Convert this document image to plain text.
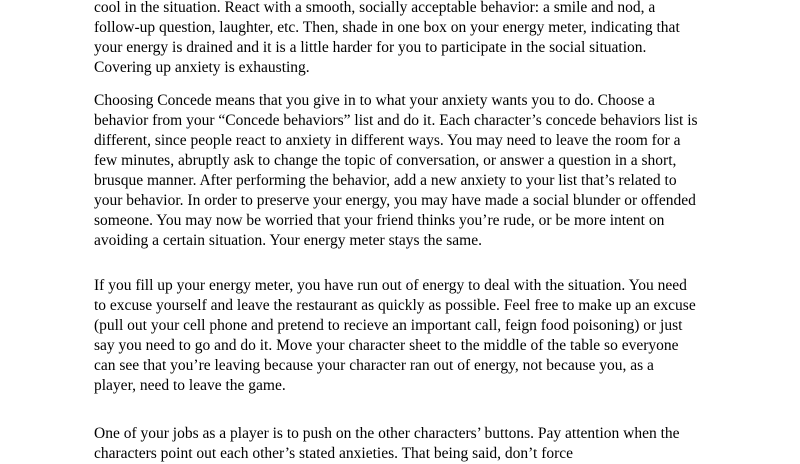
cool in the situation. React with a smooth, socially acceptable behavior: a smile and nod, a
follow-up question, laughter, etc. Then, shade in one box on your energy meter, indicating that
your energy is drained and it is a little harder for you to participate in the social situation.
Covering up anxiety is exhausting.
Choosing Concede means that you give in to what your anxiety wants you to do. Choose a
behavior from your “Concede behaviors” list and do it. Each character’s concede behaviors list is
different, since people react to anxiety in different ways. You may need to leave the room for a
few minutes, abruptly ask to change the topic of conversation, or answer a question in a short,
brusque manner. After performing the behavior, add a new anxiety to your list that’s related to
your behavior. In order to preserve your energy, you may have made a social blunder or offended
someone. You may now be worried that your friend thinks you’re rude, or be more intent on
avoiding a certain situation. Your energy meter stays the same.
If you fill up your energy meter, you have run out of energy to deal with the situation. You need
to excuse yourself and leave the restaurant as quickly as possible. Feel free to make up an excuse
(pull out your cell phone and pretend to recieve an important call, feign food poisoning) or just
say you need to go and do it. Move your character sheet to the middle of the table so everyone
can see that you’re leaving because your character ran out of energy, not because you, as a
player, need to leave the game.
One of your jobs as a player is to push on the other characters’ buttons. Pay attention when the
characters point out each other’s stated anxieties. That being said, don’t force
